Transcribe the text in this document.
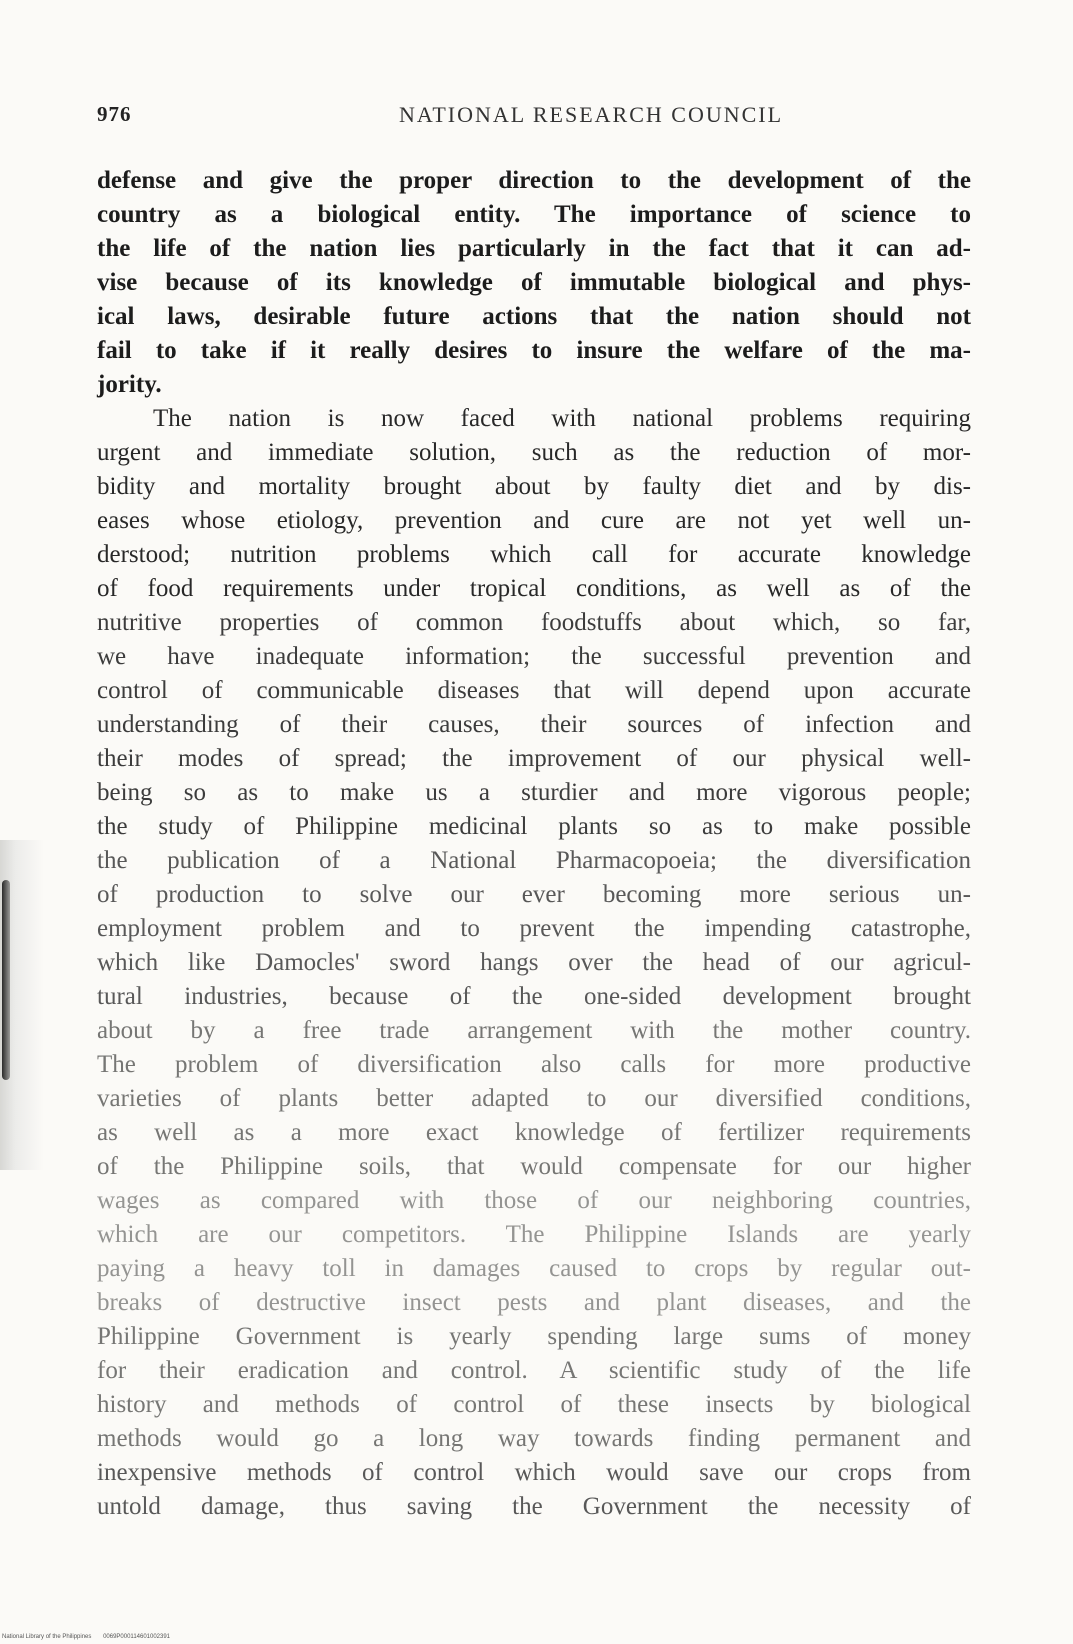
976	NATIONAL RESEARCH COUNCIL
defense and give the proper direction to the development of the
country as a biological entity. The importance of science to
the life of the nation lies particularly in the fact that it can ad-
vise because of its knowledge of immutable biological and phys-
ical laws, desirable future actions that the nation should not
fail to take if it really desires to insure the welfare of the ma-
jority.
The nation is now faced with national problems requiring
urgent and immediate solution, such as the reduction of mor-
bidity and mortality brought about by faulty diet and by dis-
eases whose etiology, prevention and cure are not yet well un-
derstood; nutrition problems which call for accurate knowledge
of food requirements under tropical conditions, as well as of the
nutritive properties of common foodstuffs about which, so far,
we have inadequate information; the successful prevention and
control of communicable diseases that will depend upon accurate
understanding of their causes, their sources of infection and
their modes of spread; the improvement of our physical well-
being so as to make us a sturdier and more vigorous people;
the study of Philippine medicinal plants so as to make possible
the publication of a National Pharmacopoeia; the diversification
of production to solve our ever becoming more serious un-
employment problem and to prevent the impending catastrophe,
which like Damocles' sword hangs over the head of our agricul-
tural industries, because of the one-sided development brought
about by a free trade arrangement with the mother country.
The problem of diversification also calls for more productive
varieties of plants better adapted to our diversified conditions,
as well as a more exact knowledge of fertilizer requirements
of the Philippine soils, that would compensate for our higher
wages as compared with those of our neighboring countries,
which are our competitors. The Philippine Islands are yearly
paying a heavy toll in damages caused to crops by regular out-
breaks of destructive insect pests and plant diseases, and the
Philippine Government is yearly spending large sums of money
for their eradication and control. A scientific study of the life
history and methods of control of these insects by biological
methods would go a long way towards finding permanent and
inexpensive methods of control which would save our crops from
untold damage, thus saving the Government the necessity of
National Library of the Philippines 0069P000114601002391
